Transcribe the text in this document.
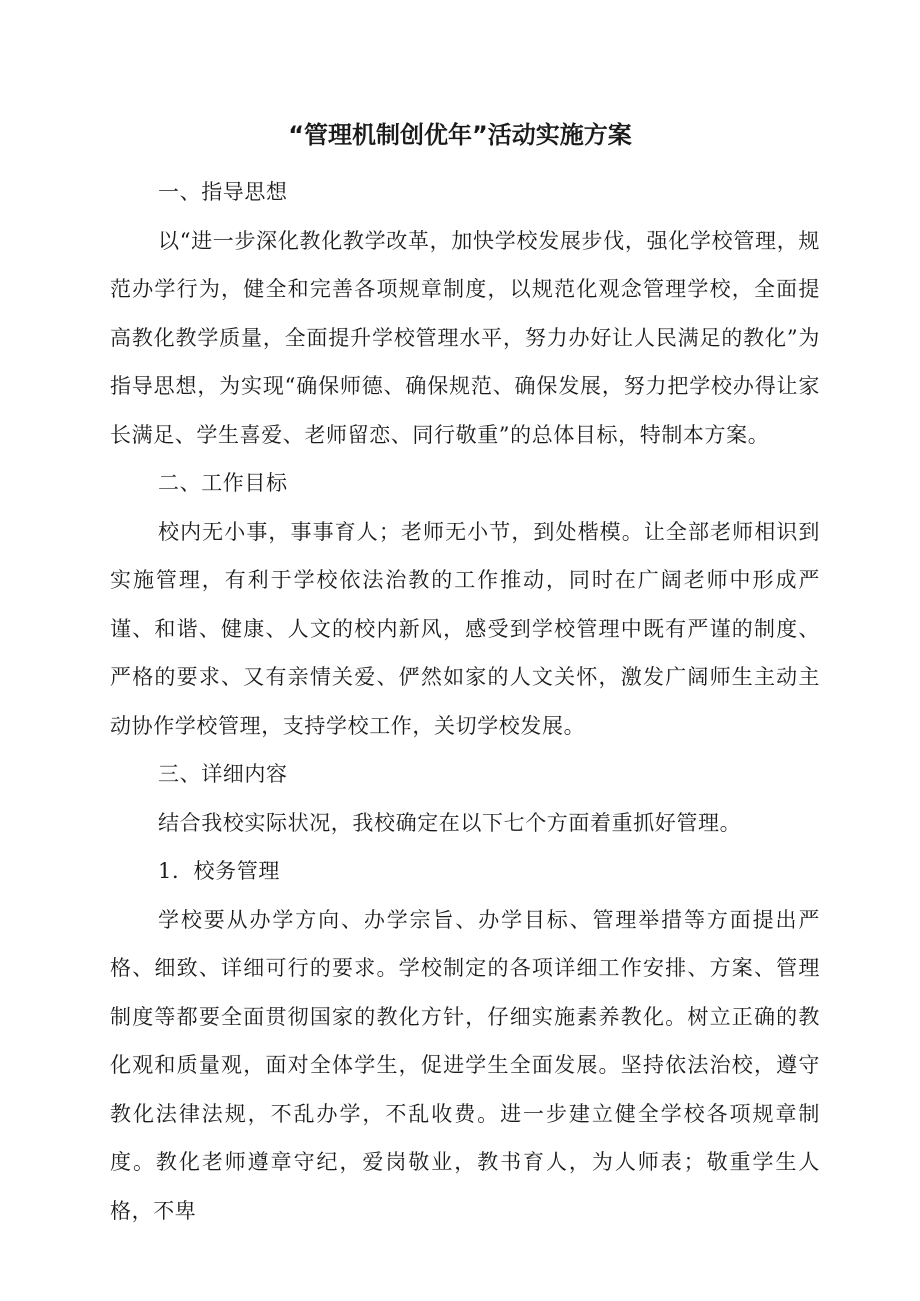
“管理机制创优年”活动实施方案

一、指导思想

以“进一步深化教化教学改革，加快学校发展步伐，强化学校管理，规范办学行为，健全和完善各项规章制度，以规范化观念管理学校，全面提高教化教学质量，全面提升学校管理水平，努力办好让人民满足的教化”为指导思想，为实现“确保师德、确保规范、确保发展，努力把学校办得让家长满足、学生喜爱、老师留恋、同行敬重”的总体目标，特制本方案。

二、工作目标

校内无小事，事事育人；老师无小节，到处楷模。让全部老师相识到实施管理，有利于学校依法治教的工作推动，同时在广阔老师中形成严谨、和谐、健康、人文的校内新风，感受到学校管理中既有严谨的制度、严格的要求、又有亲情关爱、俨然如家的人文关怀，激发广阔师生主动主动协作学校管理，支持学校工作，关切学校发展。

三、详细内容

结合我校实际状况，我校确定在以下七个方面着重抓好管理。

1．校务管理

学校要从办学方向、办学宗旨、办学目标、管理举措等方面提出严格、细致、详细可行的要求。学校制定的各项详细工作安排、方案、管理制度等都要全面贯彻国家的教化方针，仔细实施素养教化。树立正确的教化观和质量观，面对全体学生，促进学生全面发展。坚持依法治校，遵守教化法律法规，不乱办学，不乱收费。进一步建立健全学校各项规章制度。教化老师遵章守纪，爱岗敬业，教书育人，为人师表；敬重学生人格，不卑
